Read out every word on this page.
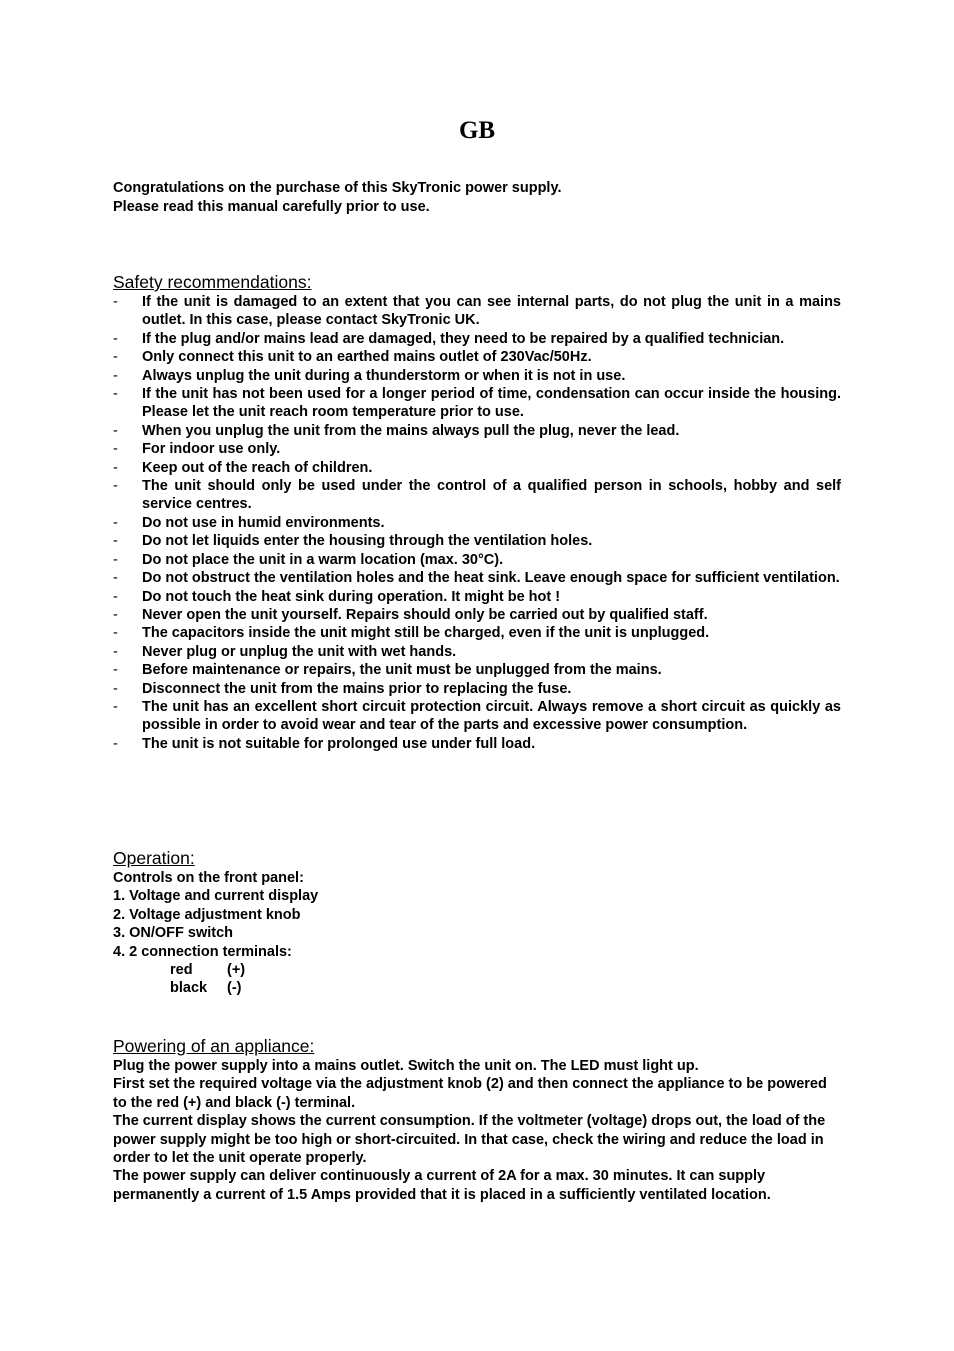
GB
Congratulations on the purchase of this SkyTronic power supply.
Please read this manual carefully prior to use.
Safety recommendations:
- If the unit is damaged to an extent that you can see internal parts, do not plug the unit in a mains outlet. In this case, please contact SkyTronic UK.
- If the plug and/or mains lead are damaged, they need to be repaired by a qualified technician.
- Only connect this unit to an earthed mains outlet of 230Vac/50Hz.
- Always unplug the unit during a thunderstorm or when it is not in use.
- If the unit has not been used for a longer period of time, condensation can occur inside the housing. Please let the unit reach room temperature prior to use.
- When you unplug the unit from the mains always pull the plug, never the lead.
- For indoor use only.
- Keep out of the reach of children.
- The unit should only be used under the control of a qualified person in schools, hobby and self service centres.
- Do not use in humid environments.
- Do not let liquids enter the housing through the ventilation holes.
- Do not place the unit in a warm location (max. 30°C).
- Do not obstruct the ventilation holes and the heat sink. Leave enough space for sufficient ventilation.
- Do not touch the heat sink during operation. It might be hot !
- Never open the unit yourself. Repairs should only be carried out by qualified staff.
- The capacitors inside the unit might still be charged, even if the unit is unplugged.
- Never plug or unplug the unit with wet hands.
- Before maintenance or repairs, the unit must be unplugged from the mains.
- Disconnect the unit from the mains prior to replacing the fuse.
- The unit has an excellent short circuit protection circuit. Always remove a short circuit as quickly as possible in order to avoid wear and tear of the parts and excessive power consumption.
- The unit is not suitable for prolonged use under full load.
Operation:
Controls on the front panel:
1. Voltage and current display
2. Voltage adjustment knob
3. ON/OFF switch
4. 2 connection terminals:
red	(+)
black	(-)
Powering of an appliance:
Plug the power supply into a mains outlet. Switch the unit on. The LED must light up.
First set the required voltage via the adjustment knob (2) and then connect the appliance to be powered to the red (+) and black (-) terminal.
The current display shows the current consumption. If the voltmeter (voltage) drops out, the load of the power supply might be too high or short-circuited. In that case, check the wiring and reduce the load in order to let the unit operate properly.
The power supply can deliver continuously a current of 2A for a max. 30 minutes. It can supply permanently a current of 1.5 Amps provided that it is placed in a sufficiently ventilated location.
